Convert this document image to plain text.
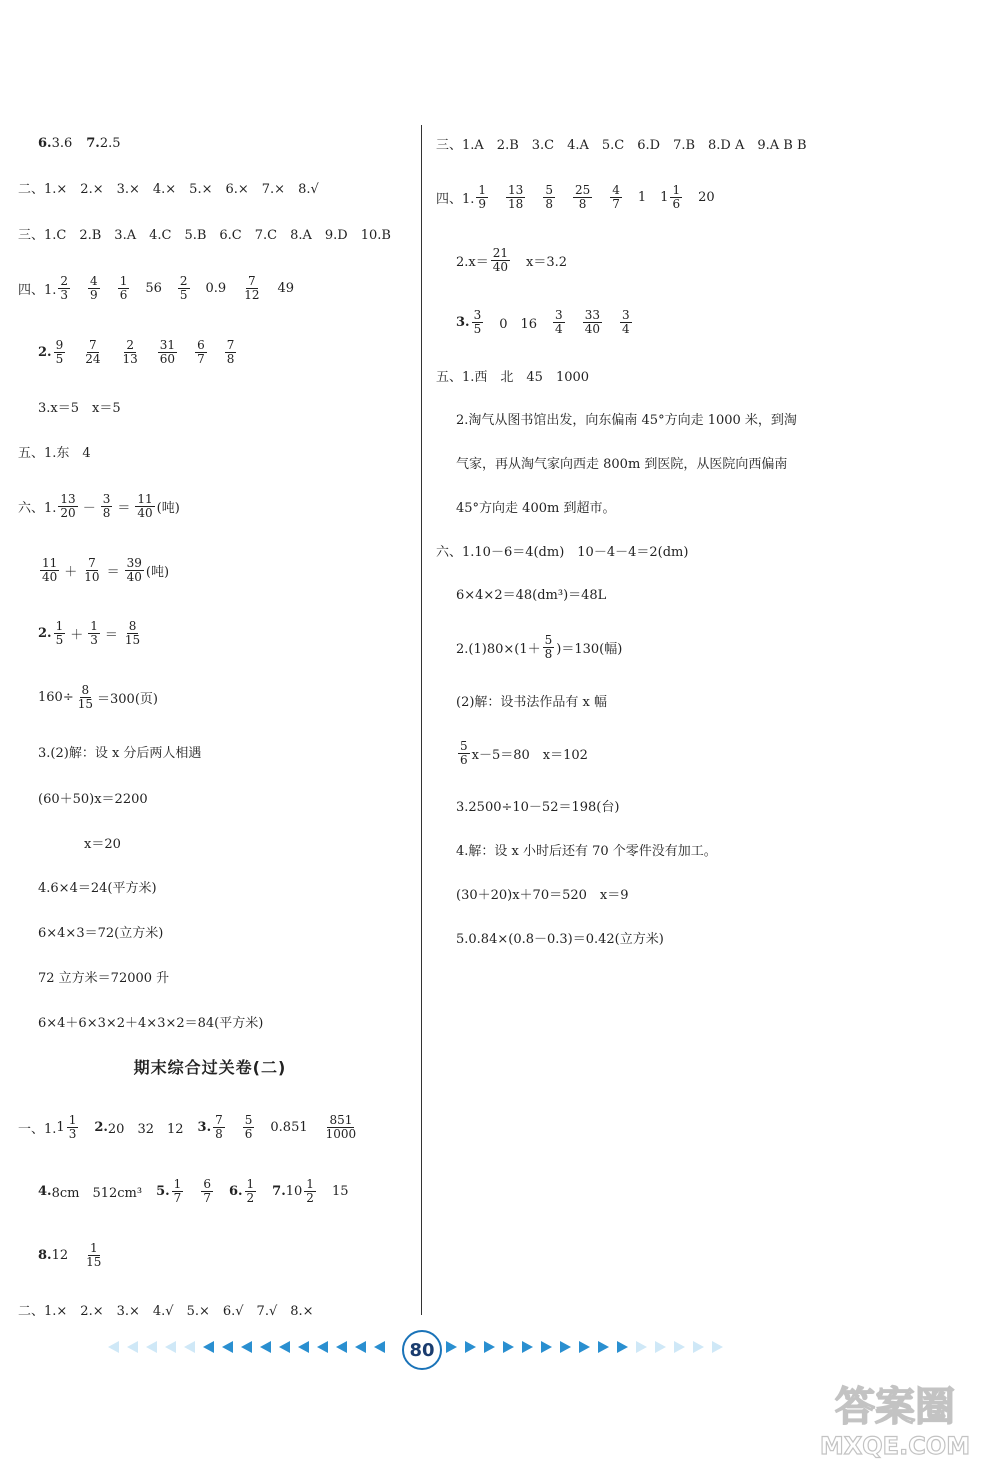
6. 3.6 7. 2.5
二、1.×　2.×　3.×　4.×　5.×　6.×　7.×　8.√
三、1.C　2.B　3.A　4.C　5.B　6.C　7.C　8.A　9.D　10.B
四、1. $\frac{2}{3} \frac{4}{9} \frac{1}{6} 56 \frac{2}{5} 0.9 \frac{7}{12} 49$
2. $\frac{9}{5} \frac{7}{24} \frac{2}{13} \frac{31}{60} \frac{6}{7} \frac{7}{8}$
3.x＝5　x＝5
五、1.东　4
六、1. $\frac{13}{20} - \frac{3}{8} = \frac{11}{40}$ (吨)
$\frac{11}{40} + \frac{7}{10} = \frac{39}{40}$ (吨)
2. $\frac{1}{5} + \frac{1}{3} = \frac{8}{15}$
$160\div \frac{8}{15} =300$(页)
3.(2)解：设 x 分后两人相遇
(60＋50)x＝2200
x＝20
4.6×4＝24(平方米)
6×4×3＝72(立方米)
72 立方米＝72000 升
6×4＋6×3×2＋4×3×2＝84(平方米)
期末综合过关卷(二)
一、1. $1 \frac{1}{3} 2$. 20　32　12 3. $\frac{7}{8} \frac{5}{6} 0.851 \frac{851}{1000}$
4. 8cm　512cm³ 5. $\frac{1}{7} \frac{6}{7} 6$. $\frac{1}{2} 7$. $10 \frac{1}{2} 15$
8. $12 \frac{1}{15}$
二、1.×　2.×　3.×　4.√　5.×　6.√　7.√　8.×
三、1.A　2.B　3.C　4.A　5.C　6.D　7.B　8.D A　9.A B B
四、1. $\frac{1}{9} \frac{13}{18} \frac{5}{8} \frac{25}{8} \frac{4}{7} 1$ $1 \frac{1}{6} 20$
$2.x= \frac{21}{40} x=3.2$
3. $\frac{3}{5} 0$　$16 \frac{3}{4} \frac{33}{40} \frac{3}{4}$
五、1.西　北　45　1000
2.淘气从图书馆出发，向东偏南 45°方向走 1000 米，到淘
气家，再从淘气家向西走 800m 到医院，从医院向西偏南
45°方向走 400m 到超市。
六、1.10－6＝4(dm)　10－4－4＝2(dm)
6×4×2＝48(dm³)＝48L
$2.(1)80\times(1+ \frac{5}{8} )=130$(幅)
(2)解：设书法作品有 x 幅
$\frac{5}{6} x-5=80$　x＝102
3.2500÷10－52＝198(台)
4.解：设 x 小时后还有 70 个零件没有加工。
(30＋20)x＋70＝520　x＝9
5.0.84×(0.8－0.3)＝0.42(立方米)
80
答案圈
MXQE.COM
